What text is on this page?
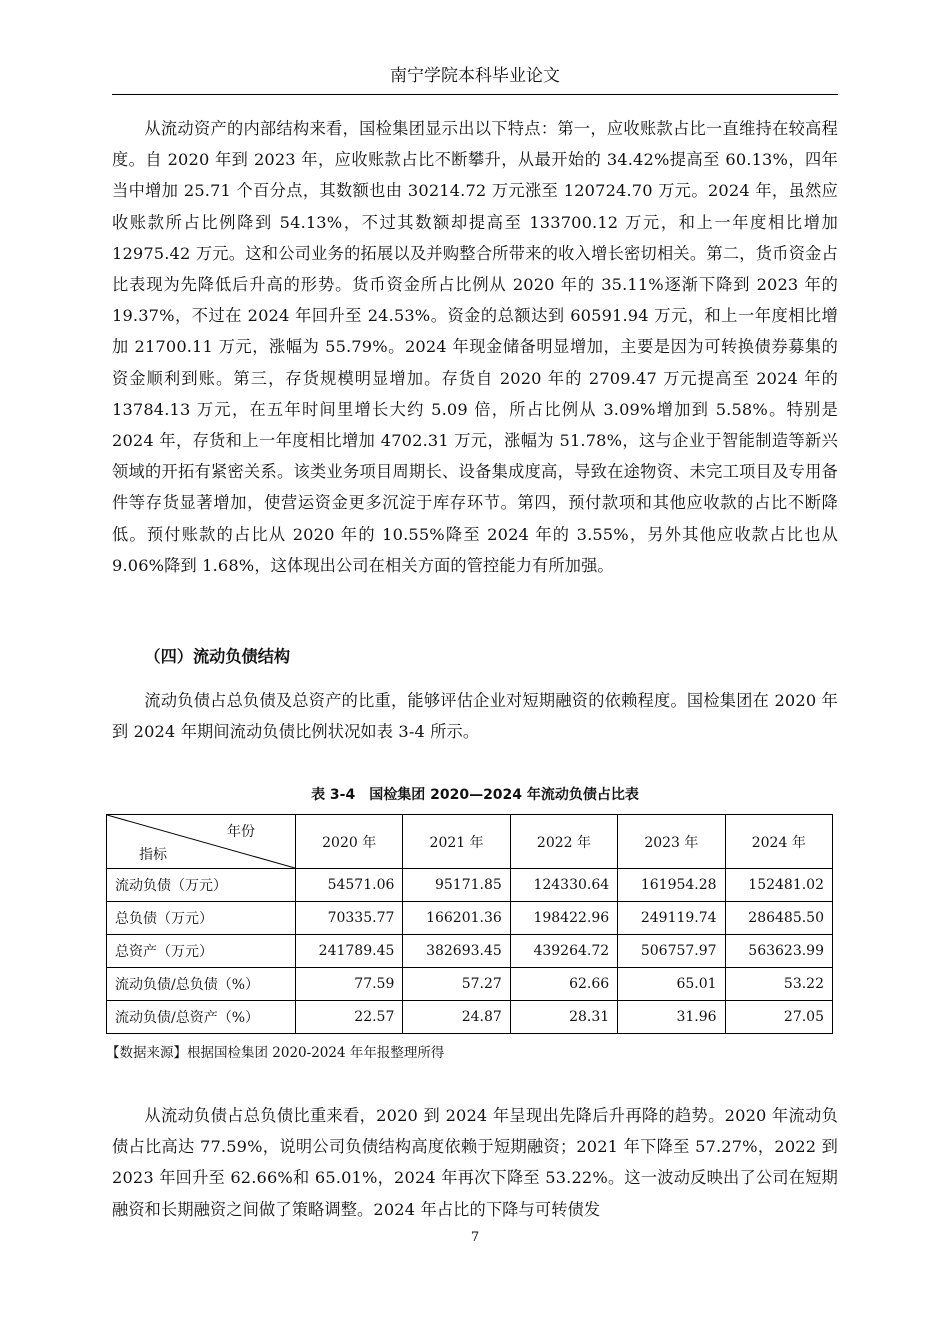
南宁学院本科毕业论文

从流动资产的内部结构来看，国检集团显示出以下特点：第一，应收账款占比一直维持在较高程度。自 2020 年到 2023 年，应收账款占比不断攀升，从最开始的 34.42%提高至 60.13%，四年当中增加 25.71 个百分点，其数额也由 30214.72 万元涨至 120724.70 万元。2024 年，虽然应收账款所占比例降到 54.13%，不过其数额却提高至 133700.12 万元，和上一年度相比增加 12975.42 万元。这和公司业务的拓展以及并购整合所带来的收入增长密切相关。第二，货币资金占比表现为先降低后升高的形势。货币资金所占比例从 2020 年的 35.11%逐渐下降到 2023 年的 19.37%，不过在 2024 年回升至 24.53%。资金的总额达到 60591.94 万元，和上一年度相比增加 21700.11 万元，涨幅为 55.79%。2024 年现金储备明显增加，主要是因为可转换债券募集的资金顺利到账。第三，存货规模明显增加。存货自 2020 年的 2709.47 万元提高至 2024 年的 13784.13 万元，在五年时间里增长大约 5.09 倍，所占比例从 3.09%增加到 5.58%。特别是 2024 年，存货和上一年度相比增加 4702.31 万元，涨幅为 51.78%，这与企业于智能制造等新兴领域的开拓有紧密关系。该类业务项目周期长、设备集成度高，导致在途物资、未完工项目及专用备件等存货显著增加，使营运资金更多沉淀于库存环节。第四，预付款项和其他应收款的占比不断降低。预付账款的占比从 2020 年的 10.55%降至 2024 年的 3.55%，另外其他应收款占比也从 9.06%降到 1.68%，这体现出公司在相关方面的管控能力有所加强。

（四）流动负债结构

流动负债占总负债及总资产的比重，能够评估企业对短期融资的依赖程度。国检集团在 2020 年到 2024 年期间流动负债比例状况如表 3-4 所示。

表 3-4　国检集团 2020—2024 年流动负债占比表
年份
指标	2020 年	2021 年	2022 年	2023 年	2024 年
流动负债（万元）	54571.06	95171.85	124330.64	161954.28	152481.02
总负债（万元）	70335.77	166201.36	198422.96	249119.74	286485.50
总资产（万元）	241789.45	382693.45	439264.72	506757.97	563623.99
流动负债/总负债（%）	77.59	57.27	62.66	65.01	53.22
流动负债/总资产（%）	22.57	24.87	28.31	31.96	27.05
【数据来源】根据国检集团 2020-2024 年年报整理所得

从流动负债占总负债比重来看，2020 到 2024 年呈现出先降后升再降的趋势。2020 年流动负债占比高达 77.59%，说明公司负债结构高度依赖于短期融资；2021 年下降至 57.27%，2022 到 2023 年回升至 62.66%和 65.01%，2024 年再次下降至 53.22%。这一波动反映出了公司在短期融资和长期融资之间做了策略调整。2024 年占比的下降与可转债发

7
